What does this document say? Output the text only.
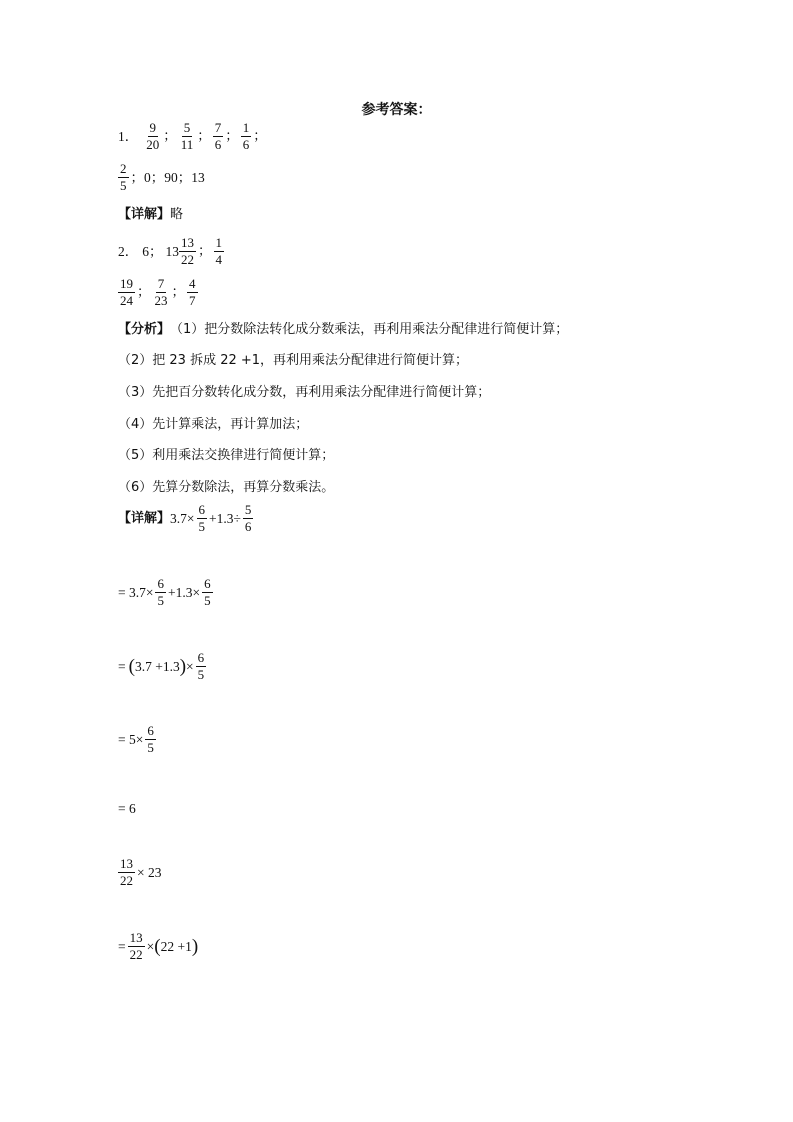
参考答案：
1． $\frac{9}{20}$ ； $\frac{5}{11}$ ； $\frac{7}{6}$ ； $\frac{1}{6}$ ；
$\frac{2}{5}$ ；0；90；13
【详解】 略
2． 6； $13 \frac{13}{22}$ ； $\frac{1}{4}$
$\frac{19}{24}$ ； $\frac{7}{23}$ ； $\frac{4}{7}$
【分析】 （1）把分数除法转化成分数乘法，再利用乘法分配律进行简便计算；
（2）把 23 拆成 22 +1，再利用乘法分配律进行简便计算；
（3）先把百分数转化成分数，再利用乘法分配律进行简便计算；
（4）先计算乘法，再计算加法；
（5）利用乘法交换律进行简便计算；
（6）先算分数除法，再算分数乘法。
【详解】 $3.7\times \frac{6}{5} +1.3\div \frac{5}{6}$
= $3.7\times \frac{6}{5} +1.3\times \frac{6}{5}$
= ( 3.7 +1.3 ) × $\frac{6}{5}$
= $5\times \frac{6}{5}$
= 6
$\frac{13}{22} \times 23$
= $\frac{13}{22}$ × ( 22 +1 )
